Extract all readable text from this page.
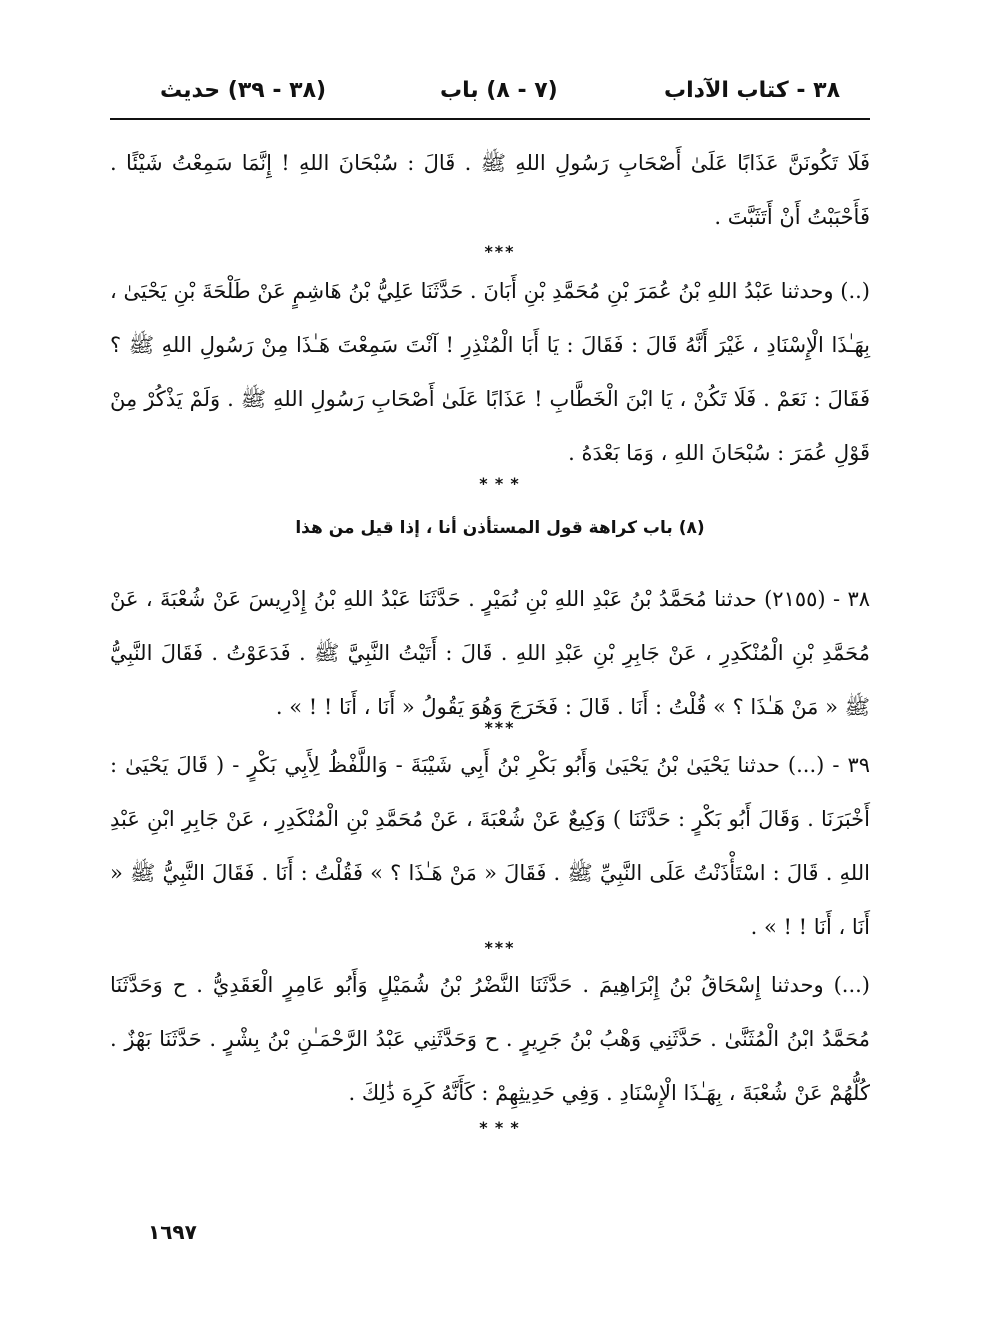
٣٨ - كتاب الآداب
(٧ - ٨) باب
(٣٨ - ٣٩) حديث

فَلَا تَكُونَنَّ عَذَابًا عَلَىٰ أَصْحَابِ رَسُولِ اللهِ ﷺ . قَالَ : سُبْحَانَ اللهِ ! إِنَّمَا سَمِعْتُ شَيْئًا . فَأَحْبَبْتُ أَنْ أَتَثَبَّتَ .

***

(..) وحدثنا عَبْدُ اللهِ بْنُ عُمَرَ بْنِ مُحَمَّدِ بْنِ أَبَانَ . حَدَّثَنَا عَلِيُّ بْنُ هَاشِمٍ عَنْ طَلْحَةَ بْنِ يَحْيَىٰ ، بِهَـٰذَا الْإِسْنَادِ ، غَيْرَ أَنَّهُ قَالَ : فَقَالَ : يَا أَبَا الْمُنْذِرِ ! آنْتَ سَمِعْتَ هَـٰذَا مِنْ رَسُولِ اللهِ ﷺ ؟ فَقَالَ : نَعَمْ . فَلَا تَكُنْ ، يَا ابْنَ الْخَطَّابِ ! عَذَابًا عَلَىٰ أَصْحَابِ رَسُولِ اللهِ ﷺ . وَلَمْ يَذْكُرْ مِنْ قَوْلِ عُمَرَ : سُبْحَانَ اللهِ ، وَمَا بَعْدَهُ .

* * *
(٨) باب كراهة قول المستأذن أنا ، إذا قيل من هذا

٣٨ - (٢١٥٥) حدثنا مُحَمَّدُ بْنُ عَبْدِ اللهِ بْنِ نُمَيْرٍ . حَدَّثَنَا عَبْدُ اللهِ بْنُ إِدْرِيسَ عَنْ شُعْبَةَ ، عَنْ مُحَمَّدِ بْنِ الْمُنْكَدِرِ ، عَنْ جَابِرِ بْنِ عَبْدِ اللهِ . قَالَ : أَتَيْتُ النَّبِيَّ ﷺ . فَدَعَوْتُ . فَقَالَ النَّبِيُّ ﷺ « مَنْ هَـٰذَا ؟ » قُلْتُ : أَنَا . قَالَ : فَخَرَجَ وَهُوَ يَقُولُ « أَنَا ، أَنَا ! ! » .

***

٣٩ - (...) حدثنا يَحْيَىٰ بْنُ يَحْيَىٰ وَأَبُو بَكْرِ بْنُ أَبِي شَيْبَةَ - وَاللَّفْظُ لِأَبِي بَكْرٍ - ( قَالَ يَحْيَىٰ : أَخْبَرَنَا . وَقَالَ أَبُو بَكْرٍ : حَدَّثَنَا ) وَكِيعٌ عَنْ شُعْبَةَ ، عَنْ مُحَمَّدِ بْنِ الْمُنْكَدِرِ ، عَنْ جَابِرِ ابْنِ عَبْدِ اللهِ . قَالَ : اسْتَأْذَنْتُ عَلَى النَّبِيِّ ﷺ . فَقَالَ « مَنْ هَـٰذَا ؟ » فَقُلْتُ : أَنَا . فَقَالَ النَّبِيُّ ﷺ « أَنَا ، أَنَا ! ! » .

***

(...) وحدثنا إِسْحَاقُ بْنُ إِبْرَاهِيمَ . حَدَّثَنَا النَّضْرُ بْنُ شُمَيْلٍ وَأَبُو عَامِرٍ الْعَقَدِيُّ . ح وَحَدَّثَنَا مُحَمَّدُ ابْنُ الْمُثَنَّىٰ . حَدَّثَنِي وَهْبُ بْنُ جَرِيرٍ . ح وَحَدَّثَنِي عَبْدُ الرَّحْمَـٰنِ بْنُ بِشْرٍ . حَدَّثَنَا بَهْزٌ . كُلُّهُمْ عَنْ شُعْبَةَ ، بِهَـٰذَا الْإِسْنَادِ . وَفِي حَدِيثِهِمْ : كَأَنَّهُ كَرِهَ ذَٰلِكَ .

* * *
١٦٩٧
